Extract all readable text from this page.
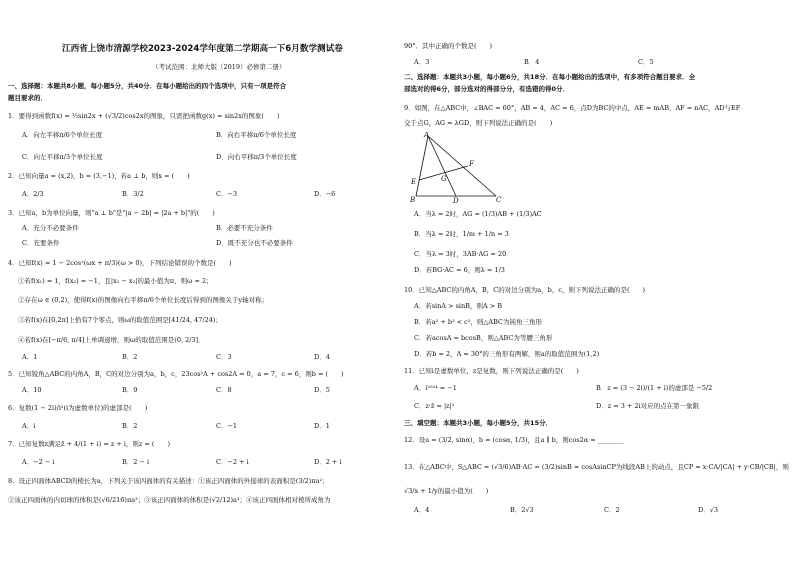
江西省上饶市清源学校2023-2024学年度第二学期高一下6月数学测试卷
（考试范围：北师大版（2019）必修第二册）
一、选择题：本题共8小题，每小题5分，共40分．在每小题给出的四个选项中，只有一项是符合
题目要求的．
1．要得到函数f(x) = ½sin2x + (√3/2)cos2x的图象，只需把函数g(x) = sin2x的图象(　　)
A．向左平移π/6个单位长度	B．向右平移π/6个单位长度
C．向左平移π/3个单位长度	D．向右平移π/3个单位长度
2．已知向量a = (x,2)，b = (3,−1)，若a ⊥ b，则x = (　　)
A．2/3	B．3/2	C．−3	D．−6
3．已知a，b为单位向量，则"a ⊥ b"是"|a − 2b| = |2a + b|"的(　　)
A．充分不必要条件	B．必要不充分条件
C．充要条件	D．既不充分也不必要条件
4．已知f(x) = 1 − 2cos²(ωx + π/3)(ω > 0)，下列结论错误的个数是(　　)
①若f(x₁) = 1，f(x₂) = −1，且|x₁ − x₂|的最小值为π，则ω = 2；
②存在ω ∈ (0,2)，使得f(x)的图像向右平移π/6个单位长度后得到的图像关于y轴对称；
③若f(x)在[0,2π]上恰有7个零点，则ω的取值范围是[41/24, 47/24)；
④若f(x)在[−π/6, π/4]上单调递增，则ω的取值范围是(0, 2/3]．
A．1	B．2	C．3	D．4
5．已知锐角△ABC的内角A，B，C的对边分别为a，b，c，23cos²A + cos2A = 0，a = 7，c = 6，则b = (　　)
A．10	B．9	C．8	D．5
6．复数(1 − 2i)/i²(i为虚数单位)的虚部是(　　)
A．i	B．2	C．−1	D．1
7．已知复数z满足z̄ + 4/(1 + i) = z + i，则z = (　　)
A．−2 − i	B．2 − i	C．−2 + i	D．2 + i
8．设正四面体ABCD的棱长为a，下列关于该四面体的有关描述：①该正四面体的外接球的表面积是(3/2)πa²；
②该正四面体的内切球的体积是(√6/216)πa³；③该正四面体的体积是(√2/12)a³；④该正四面体相对棱所成角为
90°．其中正确的个数是(　　)
A．3	B．4	C．5
二、选择题：本题共3小题，每小题6分，共18分．在每小题给出的选项中，有多项符合题目要求．全
部选对的得6分，部分选对的得部分分，有选错的得0分．
9．如图，在△ABC中，∠BAC = 60°，AB = 4，AC = 6，点D为BC的中点，AE = mAB，AF = nAC，AD与EF
交于点G，AG = λGD，则下列说法正确的是(　　)
A
B	C
D
E
F
G
A．当λ = 2时，AG = (1/3)AB + (1/3)AC
B．当λ = 2时，1/m + 1/n = 3
C．当λ = 3时，3AB·AG = 20
D．若BG·AC = 6，则λ = 1/3
10．已知△ABC的内角A，B，C的对边分别为a，b，c，则下列说法正确的是(　　)
A．若sinA > sinB，则A > B
B．若a² + b² < c²，则△ABC为钝角三角形
C．若acosA = bcosB，则△ABC为等腰三角形
D．若b = 2，A = 30°的三角形有两解，则a的取值范围为(1,2)
11．已知i是虚数单位，z是复数，则下列说法正确的是(　　)
A．i²⁰²⁴ = −1	B．z = (3 − 2i)/(1 + i)的虚部是 −5/2
C．z·z̄ = |z|²	D．z = 3 + 2i对应的点在第一象限
三、填空题：本题共3小题，每小题5分，共15分．
12．设a = (3/2, sinα)，b = (cosα, 1/3)，且a ∥ b，则cos2α = ________
13．在△ABC中，S△ABC = (√3/6)AB·AC = (3/2)sinB = cosAsinCP为线段AB上的动点，且CP = x·CA/|CA| + y·CB/|CB|，则
√3/x + 1/y的最小值为(　　)
A．4	B．2√3	C．2	D．√3
